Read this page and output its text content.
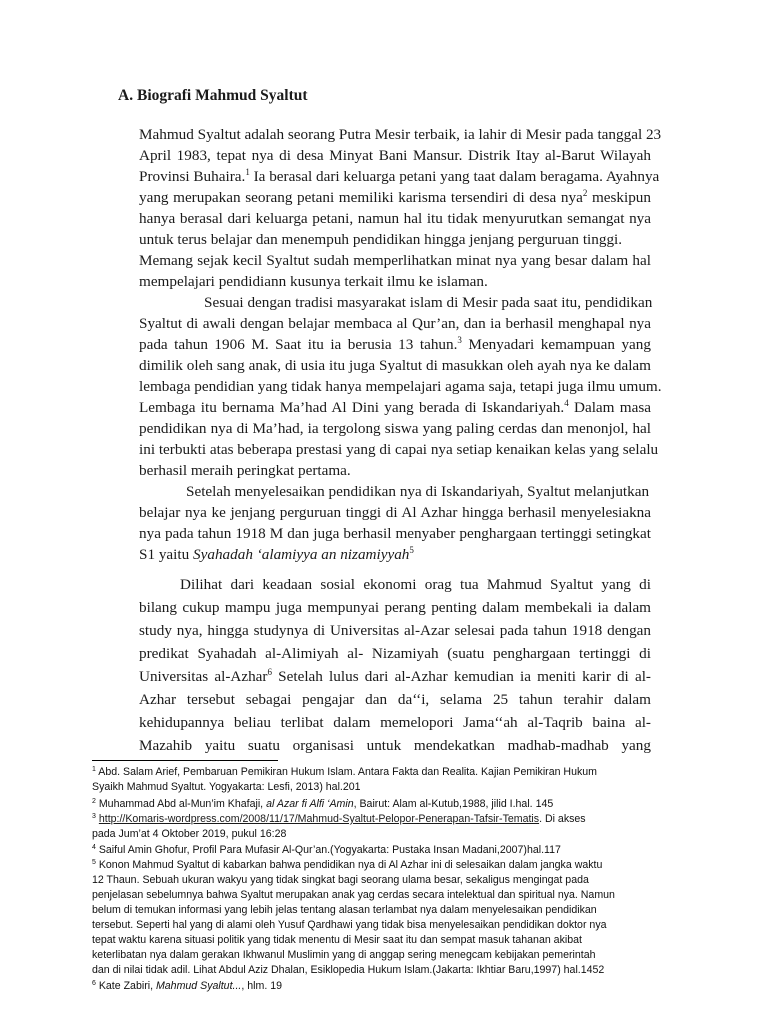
A. Biografi Mahmud Syaltut
Mahmud Syaltut adalah seorang Putra Mesir terbaik, ia lahir di Mesir pada tanggal 23
April 1983, tepat nya di desa Minyat Bani Mansur. Distrik Itay al-Barut Wilayah
Provinsi Buhaira.$^1$ Ia berasal dari keluarga petani yang taat dalam beragama. Ayahnya
yang merupakan seorang petani memiliki karisma tersendiri di desa nya$^2$ meskipun
hanya berasal dari keluarga petani, namun hal itu tidak menyurutkan semangat nya
untuk terus belajar dan menempuh pendidikan hingga jenjang perguruan tinggi.
Memang sejak kecil Syaltut sudah memperlihatkan minat nya yang besar dalam hal
mempelajari pendidiann kusunya terkait ilmu ke islaman.
Sesuai dengan tradisi masyarakat islam di Mesir pada saat itu, pendidikan
Syaltut di awali dengan belajar membaca al Qur’an, dan ia berhasil menghapal nya
pada tahun 1906 M. Saat itu ia berusia 13 tahun.$^3$ Menyadari kemampuan yang
dimilik oleh sang anak, di usia itu juga Syaltut di masukkan oleh ayah nya ke dalam
lembaga pendidian yang tidak hanya mempelajari agama saja, tetapi juga ilmu umum.
Lembaga itu bernama Ma’had Al Dini yang berada di Iskandariyah.$^4$ Dalam masa
pendidikan nya di Ma’had, ia tergolong siswa yang paling cerdas dan menonjol, hal
ini terbukti atas beberapa prestasi yang di capai nya setiap kenaikan kelas yang selalu
berhasil meraih peringkat pertama.
Setelah menyelesaikan pendidikan nya di Iskandariyah, Syaltut melanjutkan
belajar nya ke jenjang perguruan tinggi di Al Azhar hingga berhasil menyelesiakna
nya pada tahun 1918 M dan juga berhasil menyaber penghargaan tertinggi setingkat
S1 yaitu Syahadah ‘alamiyya an nizamiyyah$^5$
Dilihat dari keadaan sosial ekonomi orag tua Mahmud Syaltut yang di
bilang cukup mampu juga mempunyai perang penting dalam membekali ia dalam
study nya, hingga studynya di Universitas al-Azar selesai pada tahun 1918 dengan
predikat Syahadah al-Alimiyah al- Nizamiyah (suatu penghargaan tertinggi di
Universitas al-Azhar$^6$ Setelah lulus dari al-Azhar kemudian ia meniti karir di al-
Azhar tersebut sebagai pengajar dan da‘‘i, selama 25 tahun terahir dalam
kehidupannya beliau terlibat dalam memelopori Jama‘‘ah al-Taqrib baina al-
Mazahib yaitu suatu organisasi untuk mendekatkan madhab-madhab yang
$^1$ Abd. Salam Arief, Pembaruan Pemikiran Hukum Islam. Antara Fakta dan Realita. Kajian Pemikiran Hukum
Syaikh Mahmud Syaltut. Yogyakarta: Lesfi, 2013) hal.201
$^2$ Muhammad Abd al-Mun’im Khafaji, al Azar fi Alfi ‘Amin, Bairut: Alam al-Kutub,1988, jilid I.hal. 145
$^3$ http://Komaris-wordpress.com/2008/11/17/Mahmud-Syaltut-Pelopor-Penerapan-Tafsir-Tematis. Di akses
pada Jum’at 4 Oktober 2019, pukul 16:28
$^4$ Saiful Amin Ghofur, Profil Para Mufasir Al-Qur’an.(Yogyakarta: Pustaka Insan Madani,2007)hal.117
$^5$ Konon Mahmud Syaltut di kabarkan bahwa pendidikan nya di Al Azhar ini di selesaikan dalam jangka waktu
12 Thaun. Sebuah ukuran wakyu yang tidak singkat bagi seorang ulama besar, sekaligus mengingat pada
penjelasan sebelumnya bahwa Syaltut merupakan anak yag cerdas secara intelektual dan spiritual nya. Namun
belum di temukan informasi yang lebih jelas tentang alasan terlambat nya dalam menyelesaikan pendidikan
tersebut. Seperti hal yang di alami oleh Yusuf Qardhawi yang tidak bisa menyelesaikan pendidikan doktor nya
tepat waktu karena situasi politik yang tidak menentu di Mesir saat itu dan sempat masuk tahanan akibat
keterlibatan nya dalam gerakan Ikhwanul Muslimin yang di anggap sering menegcam kebijakan pemerintah
dan di nilai tidak adil. Lihat Abdul Aziz Dhalan, Esiklopedia Hukum Islam.(Jakarta: Ikhtiar Baru,1997) hal.1452
$^6$ Kate Zabiri, Mahmud Syaltut..., hlm. 19
